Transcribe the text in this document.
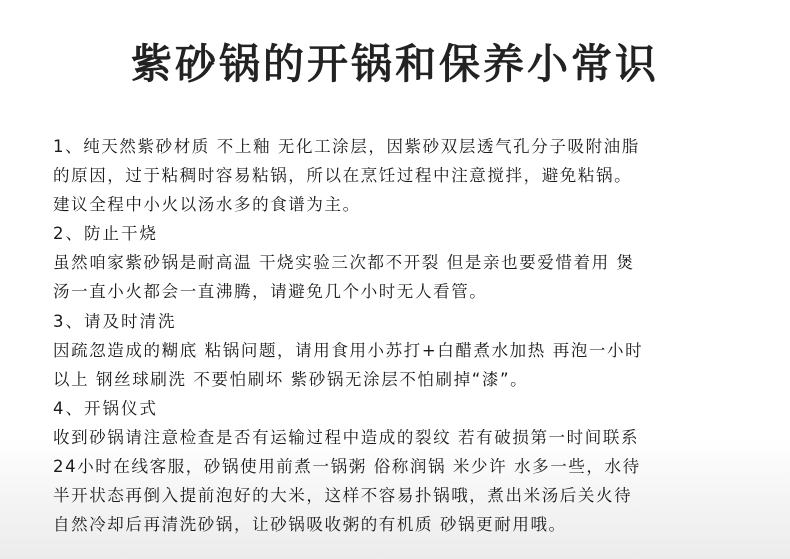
紫砂锅的开锅和保养小常识
1、纯天然紫砂材质 不上釉 无化工涂层，因紫砂双层透气孔分子吸附油脂
的原因，过于粘稠时容易粘锅，所以在烹饪过程中注意搅拌，避免粘锅。
建议全程中小火以汤水多的食谱为主。
2、防止干烧
虽然咱家紫砂锅是耐高温 干烧实验三次都不开裂 但是亲也要爱惜着用 煲
汤一直小火都会一直沸腾，请避免几个小时无人看管。
3、请及时清洗
因疏忽造成的糊底 粘锅问题，请用食用小苏打+白醋煮水加热 再泡一小时
以上 钢丝球刷洗 不要怕刷坏 紫砂锅无涂层不怕刷掉“漆”。
4、开锅仪式
收到砂锅请注意检查是否有运输过程中造成的裂纹 若有破损第一时间联系
24小时在线客服，砂锅使用前煮一锅粥 俗称润锅 米少许 水多一些，水待
半开状态再倒入提前泡好的大米，这样不容易扑锅哦，煮出米汤后关火待
自然冷却后再清洗砂锅，让砂锅吸收粥的有机质 砂锅更耐用哦。
